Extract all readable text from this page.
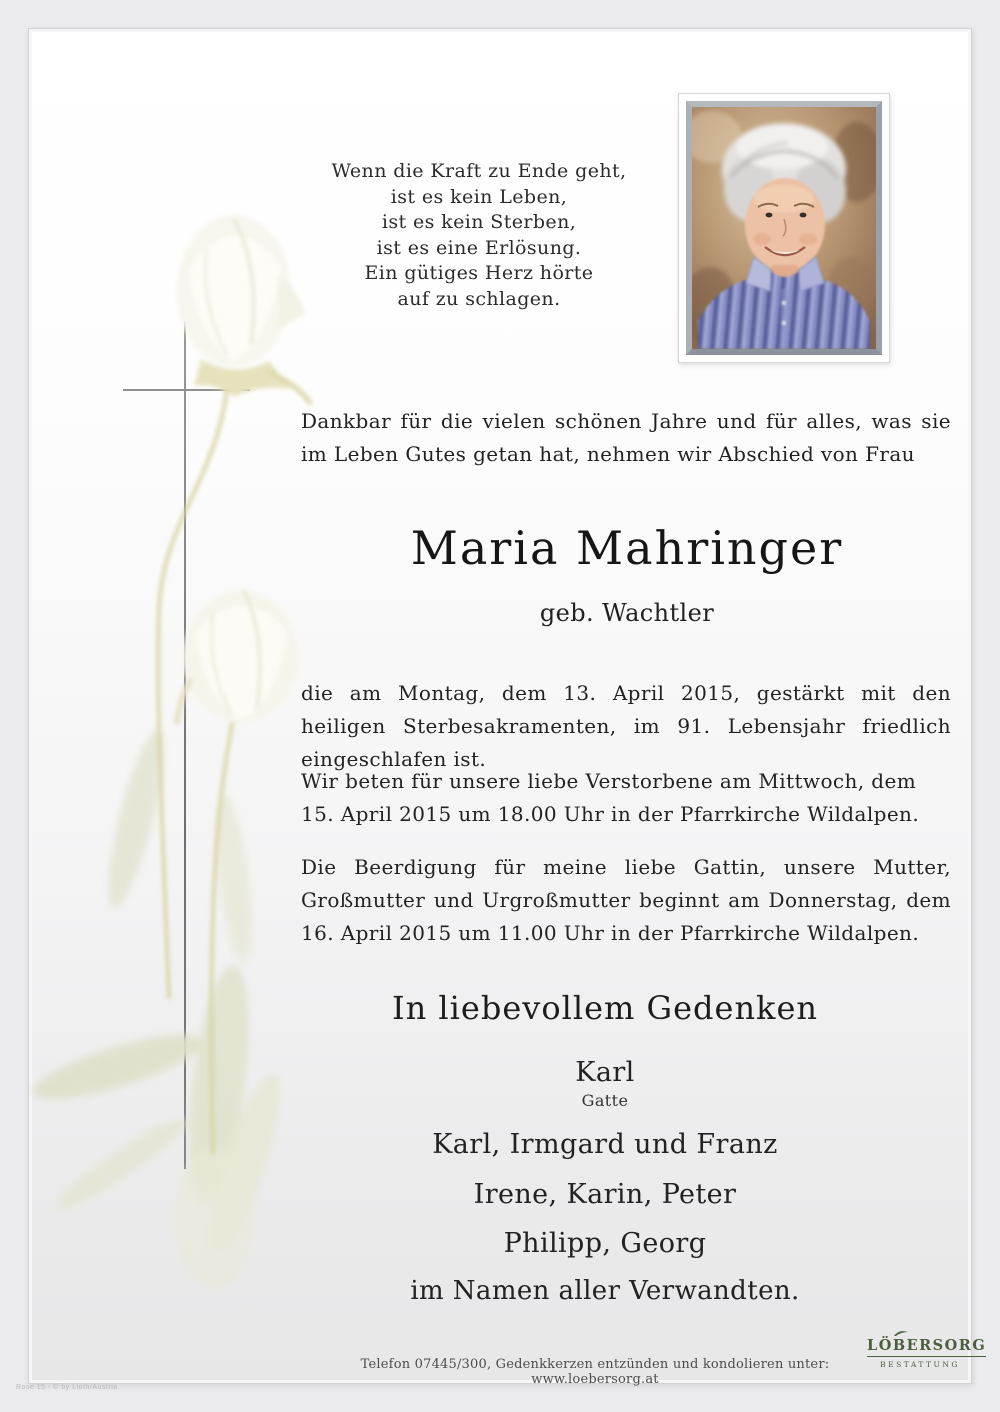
Wenn die Kraft zu Ende geht,
ist es kein Leben,
ist es kein Sterben,
ist es eine Erlösung.
Ein gütiges Herz hörte
auf zu schlagen.
Dankbar für die vielen schönen Jahre und für alles, was sie im Leben Gutes getan hat, nehmen wir Abschied von Frau
Maria Mahringer
geb. Wachtler
die am Montag, dem 13. April 2015, gestärkt mit den heiligen Sterbesakramenten, im 91. Lebensjahr friedlich eingeschlafen ist.
Wir beten für unsere liebe Verstorbene am Mittwoch, dem 15. April 2015 um 18.00 Uhr in der Pfarrkirche Wildalpen.
Die Beerdigung für meine liebe Gattin, unsere Mutter, Großmutter und Urgroßmutter beginnt am Donnerstag, dem 16. April 2015 um 11.00 Uhr in der Pfarrkirche Wildalpen.
In liebevollem Gedenken
Karl
Gatte
Karl, Irmgard und Franz
Irene, Karin, Peter
Philipp, Georg
im Namen aller Verwandten.
Telefon 07445/300, Gedenkkerzen entzünden und kondolieren unter: www.loebersorg.at
LÖBERSORG
BESTATTUNG
Rose 15 - © by Lioth/Austria
